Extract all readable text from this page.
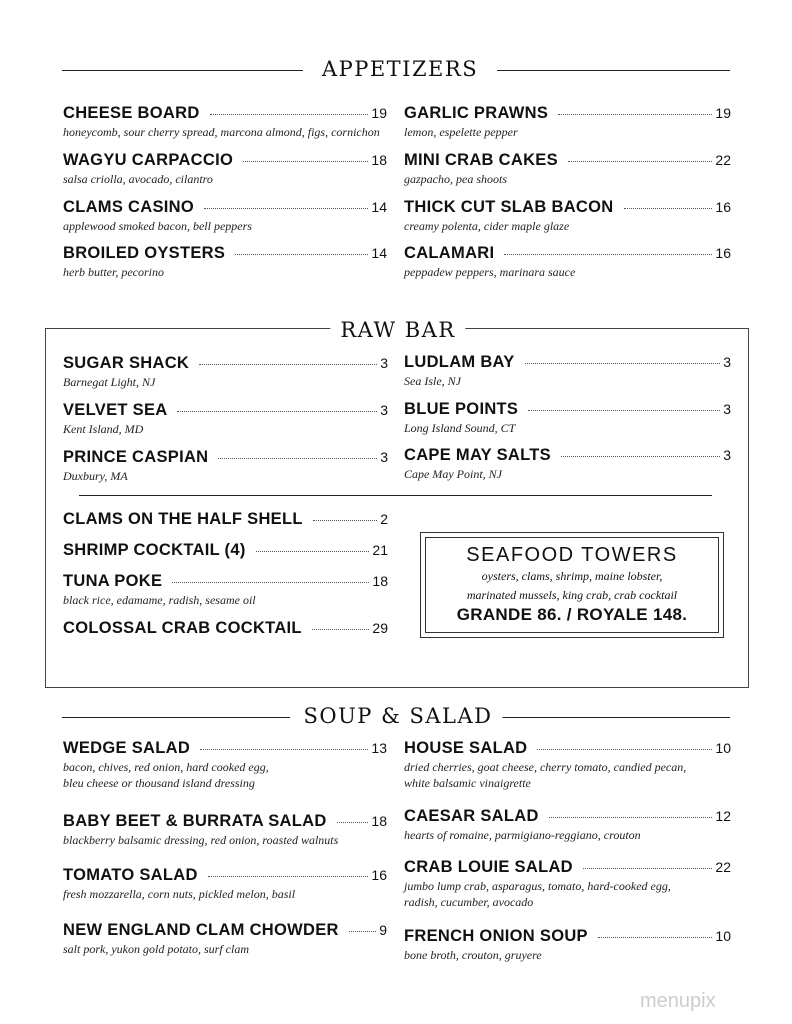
APPETIZERS
RAW BAR
SEAFOOD TOWERS
oysters, clams, shrimp, maine lobster,
marinated mussels, king crab, crab cocktail
GRANDE 86. / ROYALE 148.
SOUP & SALAD
CHEESE BOARD	19
honeycomb, sour cherry spread, marcona almond, figs, cornichon
WAGYU CARPACCIO	18
salsa criolla, avocado, cilantro
CLAMS CASINO	14
applewood smoked bacon, bell peppers
BROILED OYSTERS	14
herb butter, pecorino
GARLIC PRAWNS	19
lemon, espelette pepper
MINI CRAB CAKES	22
gazpacho, pea shoots
THICK CUT SLAB BACON	16
creamy polenta, cider maple glaze
CALAMARI	16
peppadew peppers, marinara sauce
SUGAR SHACK	3
Barnegat Light, NJ
VELVET SEA	3
Kent Island, MD
PRINCE CASPIAN	3
Duxbury, MA
LUDLAM BAY	3
Sea Isle, NJ
BLUE POINTS	3
Long Island Sound, CT
CAPE MAY SALTS	3
Cape May Point, NJ
CLAMS ON THE HALF SHELL	2
SHRIMP COCKTAIL (4)	21
TUNA POKE	18
black rice, edamame, radish, sesame oil
COLOSSAL CRAB COCKTAIL	29
WEDGE SALAD	13
bacon, chives, red onion, hard cooked egg,
bleu cheese or thousand island dressing
BABY BEET & BURRATA SALAD	18
blackberry balsamic dressing, red onion, roasted walnuts
TOMATO SALAD	16
fresh mozzarella, corn nuts, pickled melon, basil
NEW ENGLAND CLAM CHOWDER	9
salt pork, yukon gold potato, surf clam
HOUSE SALAD	10
dried cherries, goat cheese, cherry tomato, candied pecan,
white balsamic vinaigrette
CAESAR SALAD	12
hearts of romaine, parmigiano-reggiano, crouton
CRAB LOUIE SALAD	22
jumbo lump crab, asparagus, tomato, hard-cooked egg,
radish, cucumber, avocado
FRENCH ONION SOUP	10
bone broth, crouton, gruyere
menupix
